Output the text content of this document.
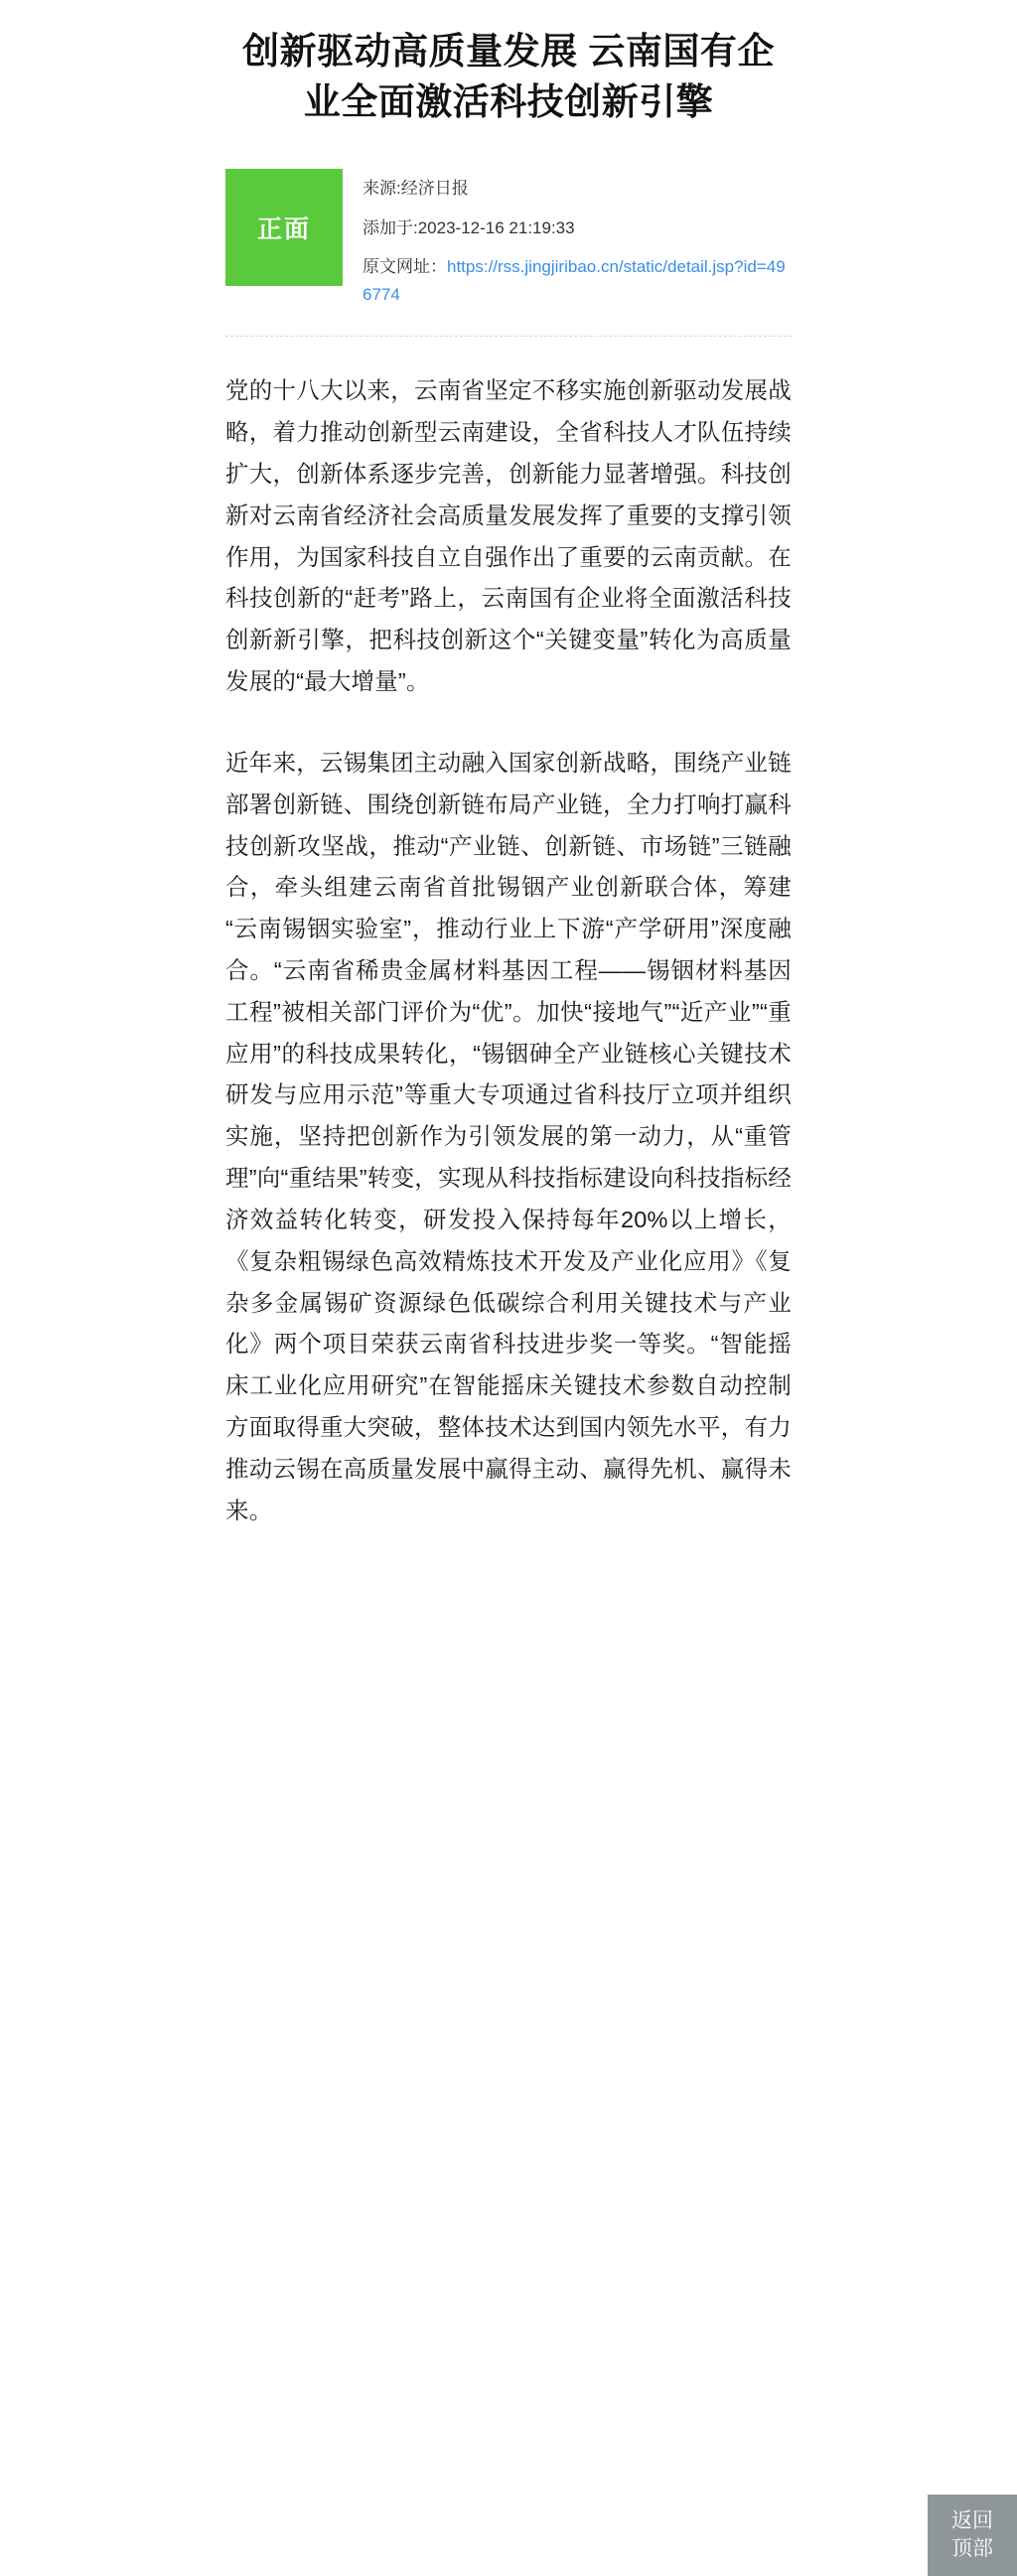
创新驱动高质量发展 云南国有企业全面激活科技创新引擎
正面
来源:经济日报
添加于:2023-12-16 21:19:33
原文网址：https://rss.jingjiribao.cn/static/detail.jsp?id=496774

党的十八大以来，云南省坚定不移实施创新驱动发展战略，着力推动创新型云南建设，全省科技人才队伍持续扩大，创新体系逐步完善，创新能力显著增强。科技创新对云南省经济社会高质量发展发挥了重要的支撑引领作用，为国家科技自立自强作出了重要的云南贡献。在科技创新的“赶考”路上，云南国有企业将全面激活科技创新新引擎，把科技创新这个“关键变量”转化为高质量发展的“最大增量”。

近年来，云锡集团主动融入国家创新战略，围绕产业链部署创新链、围绕创新链布局产业链，全力打响打赢科技创新攻坚战，推动“产业链、创新链、市场链”三链融合，牵头组建云南省首批锡铟产业创新联合体，筹建“云南锡铟实验室”，推动行业上下游“产学研用”深度融合。“云南省稀贵金属材料基因工程——锡铟材料基因工程”被相关部门评价为“优”。加快“接地气”“近产业”“重应用”的科技成果转化，“锡铟砷全产业链核心关键技术研发与应用示范”等重大专项通过省科技厅立项并组织实施，坚持把创新作为引领发展的第一动力，从“重管理”向“重结果”转变，实现从科技指标建设向科技指标经济效益转化转变，研发投入保持每年20%以上增长，《复杂粗锡绿色高效精炼技术开发及产业化应用》《复杂多金属锡矿资源绿色低碳综合利用关键技术与产业化》两个项目荣获云南省科技进步奖一等奖。“智能摇床工业化应用研究”在智能摇床关键技术参数自动控制方面取得重大突破，整体技术达到国内领先水平，有力推动云锡在高质量发展中赢得主动、赢得先机、赢得未来。

返回顶部
